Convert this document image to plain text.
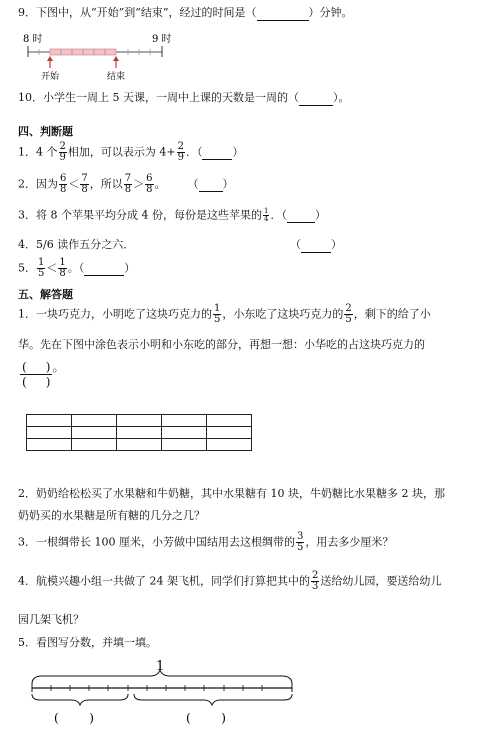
9．下图中，从“开始”到“结束”，经过的时间是（	）分钟。
8 时	9 时
开始	结束
10．小学生一周上 5 天课，一周中上课的天数是一周的（	）。
四、判断题
1．4 个 $\frac{2}{9}$ 相加，可以表示为 $4+ \frac{2}{9}$ ．（	）
2．因为 $\frac{6}{8} < \frac{7}{8}$ ，所以 $\frac{7}{8} > \frac{6}{8}$ 。 （ ）
3．将 8 个苹果平均分成 4 份，每份是这些苹果的 $\frac{1}{4}$ ．（	）
4．5/6 读作五分之六．	（	）
5． $\frac{1}{5} < \frac{1}{8}$ 。（	）
五、解答题
1．一块巧克力，小明吃了这块巧克力的 $\frac{1}{5}$ ，小东吃了这块巧克力的 $\frac{2}{5}$ ，剩下的给了小
华。先在下图中涂色表示小明和小东吃的部分，再想一想：小华吃的占这块巧克力的
$\frac{( )}{( )}$ 。

2．奶奶给松松买了水果糖和牛奶糖，其中水果糖有 10 块，牛奶糖比水果糖多 2 块，那
奶奶买的水果糖是所有糖的几分之几？
3．一根绸带长 100 厘米，小芳做中国结用去这根绸带的 $\frac{3}{5}$ ，用去多少厘米？
4．航模兴趣小组一共做了 24 架飞机，同学们打算把其中的 $\frac{2}{3}$ 送给幼儿园，要送给幼儿
园几架飞机？
5．看图写分数，并填一填。
1
(        )	(        )
